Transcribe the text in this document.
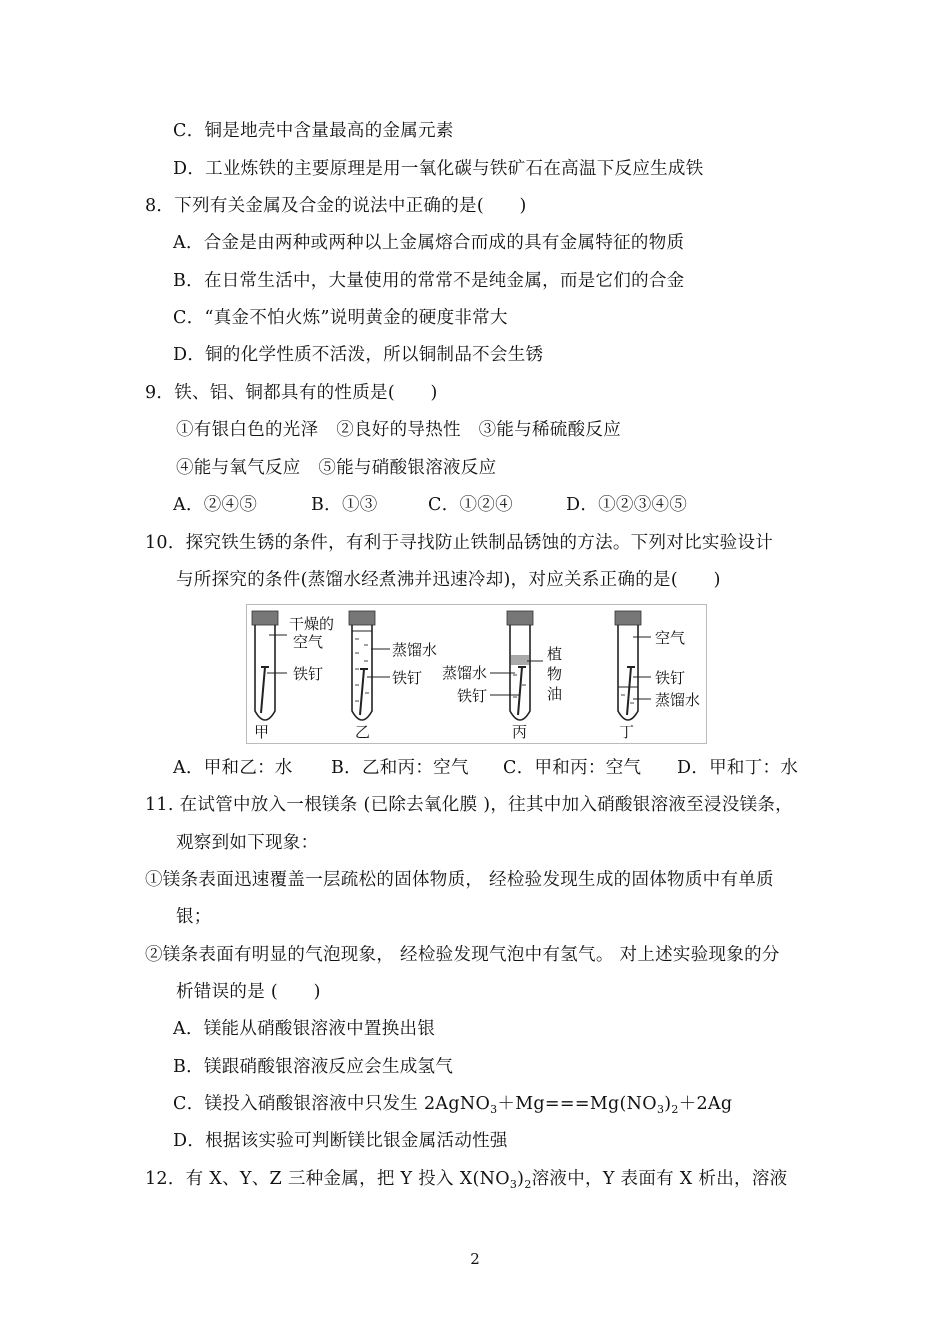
C．铜是地壳中含量最高的金属元素
D．工业炼铁的主要原理是用一氧化碳与铁矿石在高温下反应生成铁
8．下列有关金属及合金的说法中正确的是(　　)
A．合金是由两种或两种以上金属熔合而成的具有金属特征的物质
B．在日常生活中，大量使用的常常不是纯金属，而是它们的合金
C．“真金不怕火炼”说明黄金的硬度非常大
D．铜的化学性质不活泼，所以铜制品不会生锈
9．铁、铝、铜都具有的性质是(　　)
①有银白色的光泽　②良好的导热性　③能与稀硫酸反应
④能与氧气反应　⑤能与硝酸银溶液反应
A．②④⑤	B．①③	C．①②④	D．①②③④⑤
10．探究铁生锈的条件，有利于寻找防止铁制品锈蚀的方法。下列对比实验设计
与所探究的条件(蒸馏水经煮沸并迅速冷却)，对应关系正确的是(　　)
干燥的
空气
铁钉
甲
蒸馏水
铁钉
乙
植
物
油
蒸馏水
铁钉
丙
空气
铁钉
蒸馏水
丁
A．甲和乙：水 B．乙和丙：空气 C．甲和丙：空气 D．甲和丁：水
11. 在试管中放入一根镁条 (已除去氧化膜 )，往其中加入硝酸银溶液至浸没镁条，
观察到如下现象：
①镁条表面迅速覆盖一层疏松的固体物质， 经检验发现生成的固体物质中有单质
银；
②镁条表面有明显的气泡现象， 经检验发现气泡中有氢气。 对上述实验现象的分
析错误的是 (　　)
A．镁能从硝酸银溶液中置换出银
B．镁跟硝酸银溶液反应会生成氢气
C．镁投入硝酸银溶液中只发生 $2AgNO_3+Mg===Mg(NO_3)_2+2Ag$
D．根据该实验可判断镁比银金属活动性强
12．有 X、Y、Z 三种金属，把 Y 投入 $X(NO_3)_2$溶液中，Y 表面有 X 析出，溶液
2
